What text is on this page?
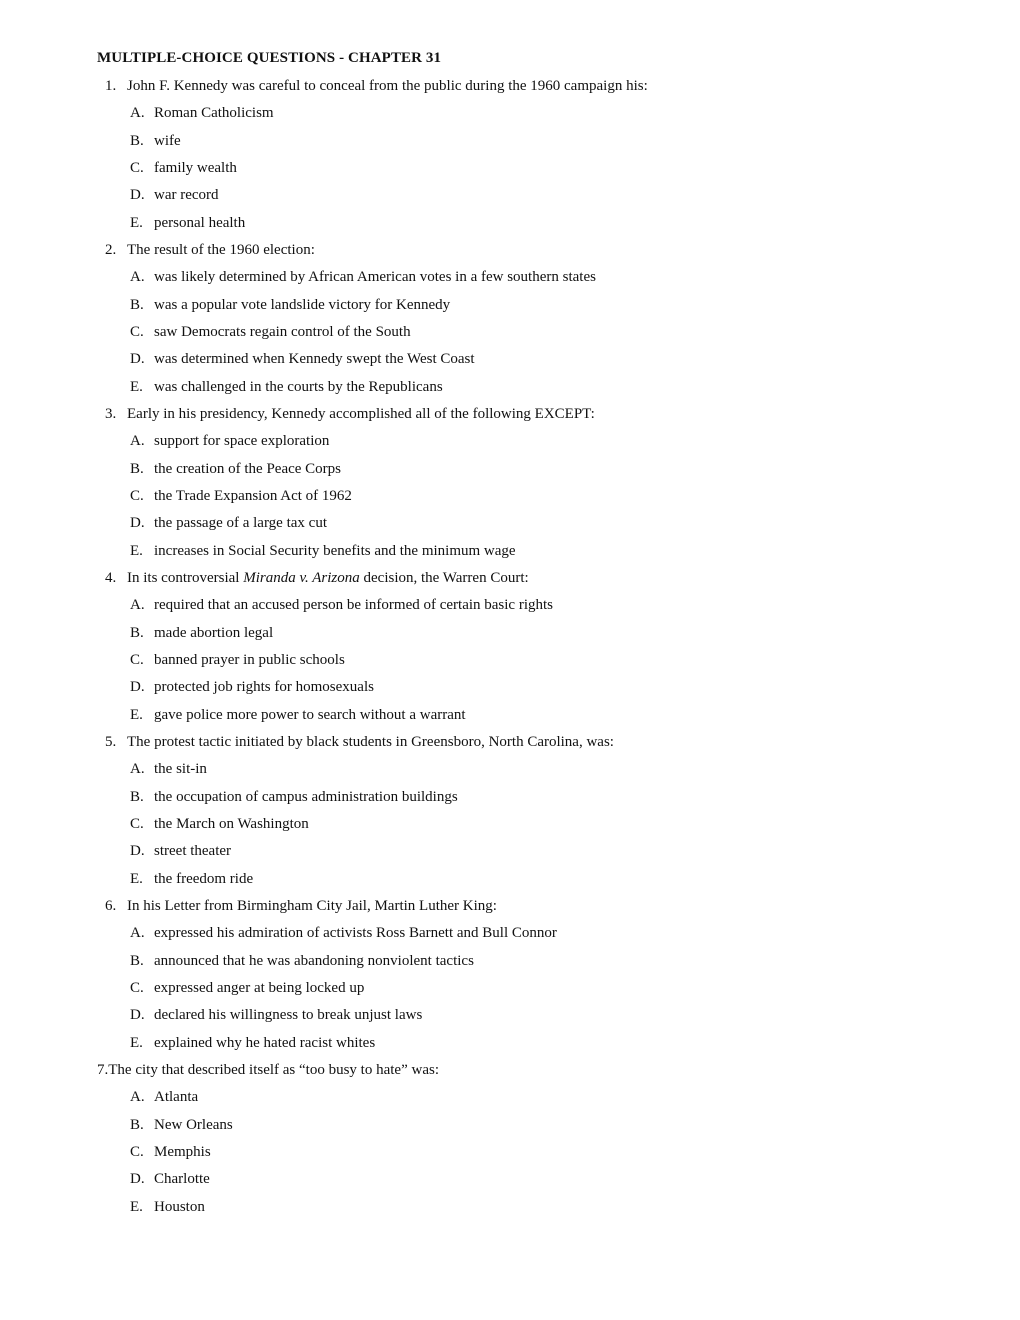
MULTIPLE-CHOICE QUESTIONS - CHAPTER 31
1. John F. Kennedy was careful to conceal from the public during the 1960 campaign his:
A. Roman Catholicism
B. wife
C. family wealth
D. war record
E. personal health
2. The result of the 1960 election:
A. was likely determined by African American votes in a few southern states
B. was a popular vote landslide victory for Kennedy
C. saw Democrats regain control of the South
D. was determined when Kennedy swept the West Coast
E. was challenged in the courts by the Republicans
3. Early in his presidency, Kennedy accomplished all of the following EXCEPT:
A. support for space exploration
B. the creation of the Peace Corps
C. the Trade Expansion Act of 1962
D. the passage of a large tax cut
E. increases in Social Security benefits and the minimum wage
4. In its controversial Miranda v. Arizona decision, the Warren Court:
A. required that an accused person be informed of certain basic rights
B. made abortion legal
C. banned prayer in public schools
D. protected job rights for homosexuals
E. gave police more power to search without a warrant
5. The protest tactic initiated by black students in Greensboro, North Carolina, was:
A. the sit-in
B. the occupation of campus administration buildings
C. the March on Washington
D. street theater
E. the freedom ride
6. In his Letter from Birmingham City Jail, Martin Luther King:
A. expressed his admiration of activists Ross Barnett and Bull Connor
B. announced that he was abandoning nonviolent tactics
C. expressed anger at being locked up
D. declared his willingness to break unjust laws
E. explained why he hated racist whites
7.The city that described itself as “too busy to hate” was:
A. Atlanta
B. New Orleans
C. Memphis
D. Charlotte
E. Houston
